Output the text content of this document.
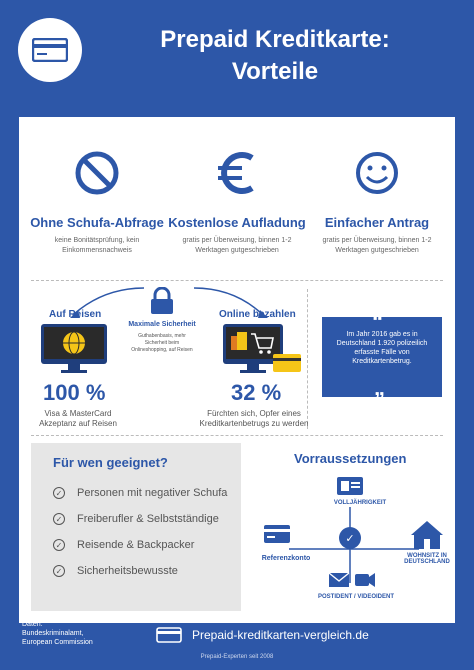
Prepaid Kreditkarte:
Vorteile
Ohne Schufa-Abfrage
keine Bonitätsprüfung, kein Einkommensnachweis
Kostenlose Aufladung
gratis per Überweisung, binnen 1-2 Werktagen gutgeschrieben
Einfacher Antrag
gratis per Überweisung, binnen 1-2 Werktagen gutgeschrieben
Maximale Sicherheit
Guthabenbasis, mehr Sicherheit beim Onlineshopping, auf Reisen
Auf Reisen
100 %
Visa & MasterCard Akzeptanz auf Reisen
Online bezahlen
32 %
Fürchten sich, Opfer eines Kreditkartenbetrugs zu werden
“
Im Jahr 2016 gab es in Deutschland 1.920 polizeilich erfasste Fälle von Kreditkartenbetrug.
„
Für wen geeignet?
✓ Personen mit negativer Schufa
✓ Freiberufler & Selbstständige
✓ Reisende & Backpacker
✓ Sicherheitsbewusste
Vorraussetzungen
✓
VOLLJÄHRIGKEIT
Referenzkonto	WOHNSITZ IN
DEUTSCHLAND
POSTIDENT / VIDEOIDENT
Daten:
Bundeskriminalamt,
European Commission
Prepaid-kreditkarten-vergleich.de
Prepaid-Experten seit 2008
